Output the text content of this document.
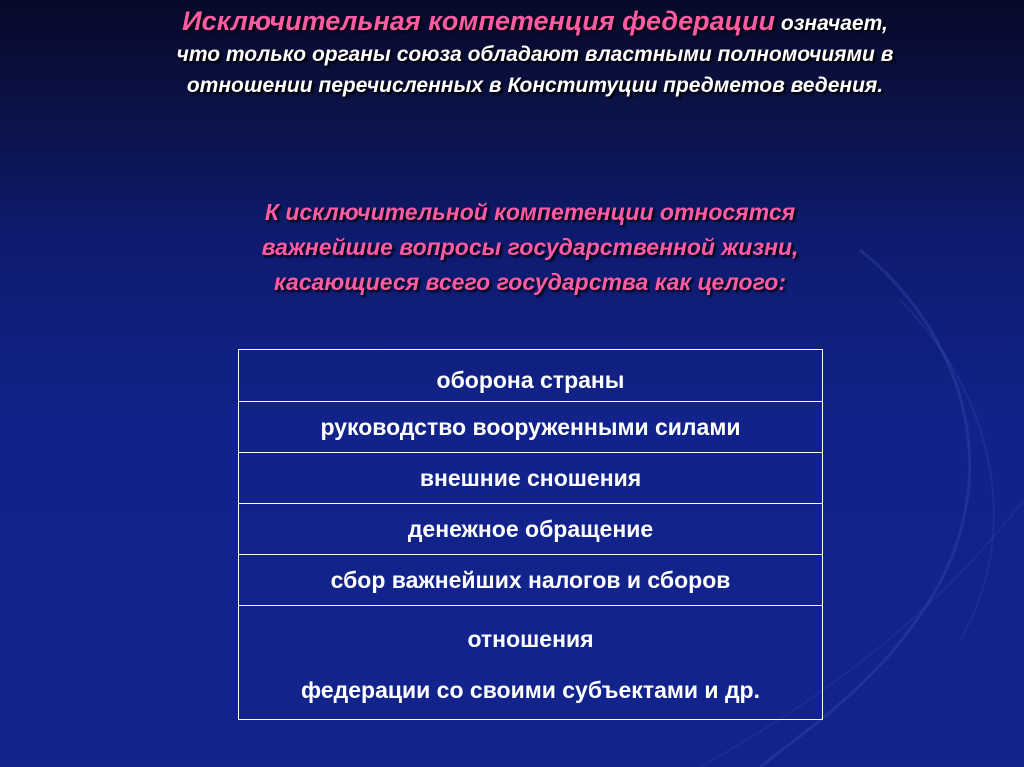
Исключительная компетенция федерации означает,
что только органы союза обладают властными полномочиями в
отношении перечисленных в Конституции предметов ведения.
К исключительной компетенции относятся
важнейшие вопросы государственной жизни,
касающиеся всего государства как целого:
оборона страны
руководство вооруженными силами
внешние сношения
денежное обращение
сбор важнейших налогов и сборов
отношения
федерации со своими субъектами и др.
